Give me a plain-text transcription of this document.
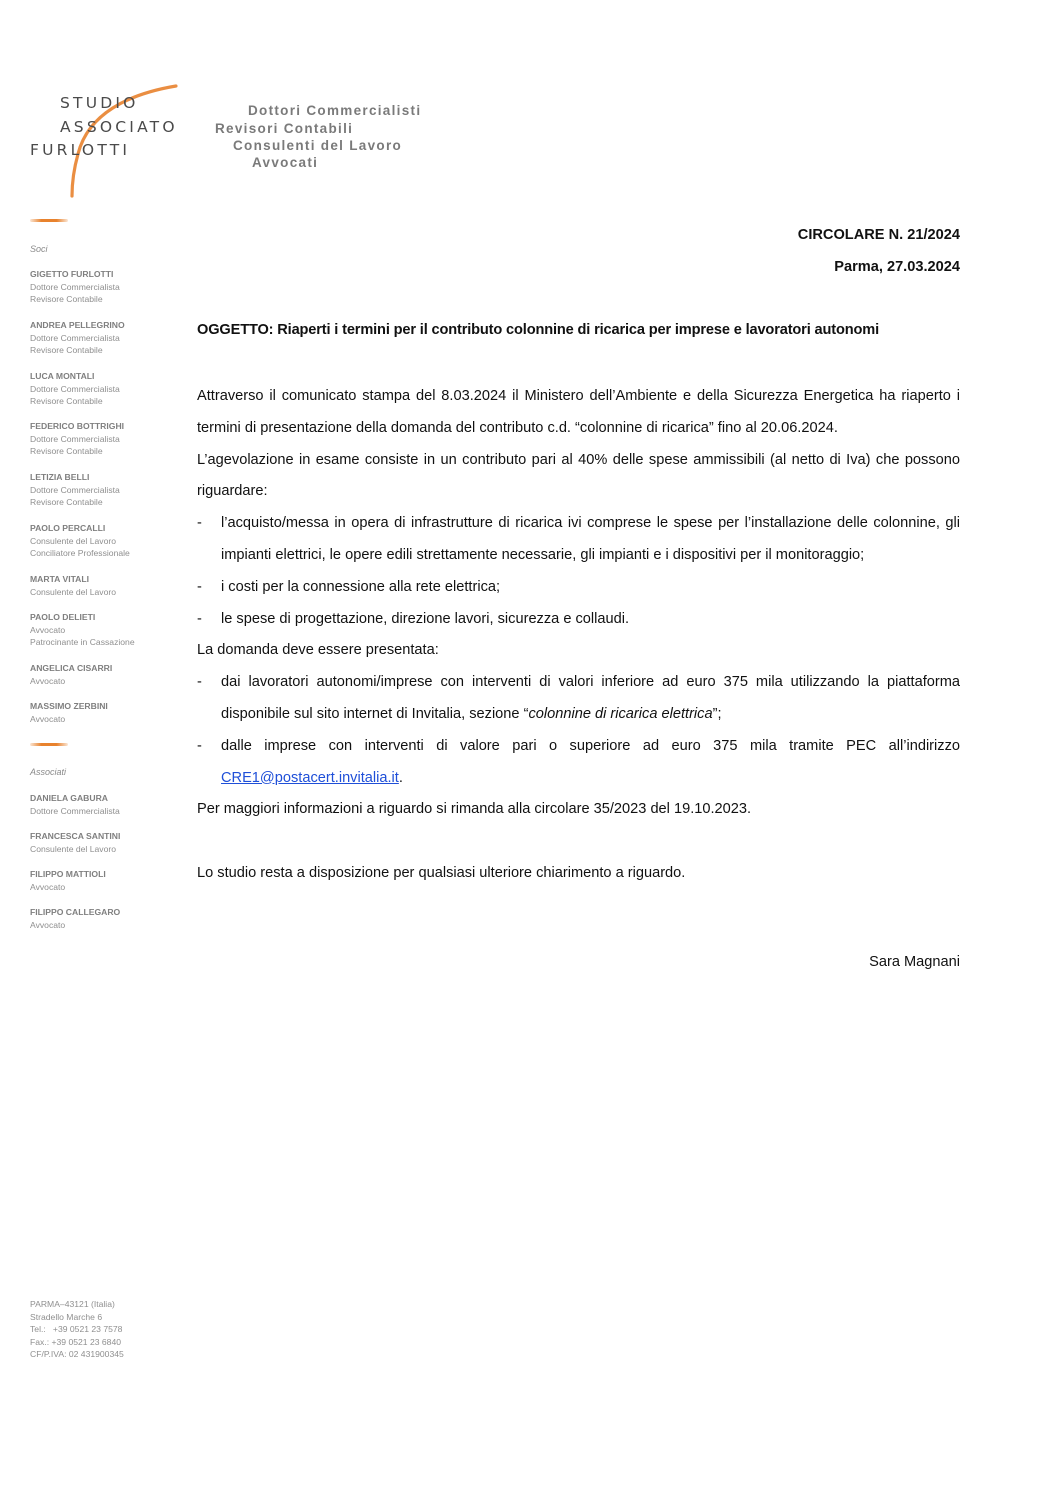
STUDIO
ASSOCIATO
FURLOTTI
Dottori Commercialisti
Revisori Contabili
Consulenti del Lavoro
Avvocati
Soci
GIGETTO FURLOTTI
Dottore Commercialista
Revisore Contabile
ANDREA PELLEGRINO
Dottore Commercialista
Revisore Contabile
LUCA MONTALI
Dottore Commercialista
Revisore Contabile
FEDERICO BOTTRIGHI
Dottore Commercialista
Revisore Contabile
LETIZIA BELLI
Dottore Commercialista
Revisore Contabile
PAOLO PERCALLI
Consulente del Lavoro
Conciliatore Professionale
MARTA VITALI
Consulente del Lavoro
PAOLO DELIETI
Avvocato
Patrocinante in Cassazione
ANGELICA CISARRI
Avvocato
MASSIMO ZERBINI
Avvocato
Associati
DANIELA GABURA
Dottore Commercialista
FRANCESCA SANTINI
Consulente del Lavoro
FILIPPO MATTIOLI
Avvocato
FILIPPO CALLEGARO
Avvocato
PARMA–43121 (Italia)
Stradello Marche 6
Tel.:   +39 0521 23 7578
Fax.: +39 0521 23 6840
CF/P.IVA: 02 431900345
CIRCOLARE N. 21/2024
Parma, 27.03.2024
OGGETTO: Riaperti i termini per il contributo colonnine di ricarica per imprese e lavoratori autonomi

Attraverso il comunicato stampa del 8.03.2024 il Ministero dell’Ambiente e della Sicurezza Energetica ha riaperto i termini di presentazione della domanda del contributo c.d. “colonnine di ricarica” fino al 20.06.2024.

L’agevolazione in esame consiste in un contributo pari al 40% delle spese ammissibili (al netto di Iva) che possono riguardare:

- l’acquisto/messa in opera di infrastrutture di ricarica ivi comprese le spese per l’installazione delle colonnine, gli impianti elettrici, le opere edili strettamente necessarie, gli impianti e i dispositivi per il monitoraggio;
- i costi per la connessione alla rete elettrica;
- le spese di progettazione, direzione lavori, sicurezza e collaudi.

La domanda deve essere presentata:

- dai lavoratori autonomi/imprese con interventi di valori inferiore ad euro 375 mila utilizzando la piattaforma disponibile sul sito internet di Invitalia, sezione “colonnine di ricarica elettrica”;
- dalle imprese con interventi di valore pari o superiore ad euro 375 mila tramite PEC all’indirizzo CRE1@postacert.invitalia.it.

Per maggiori informazioni a riguardo si rimanda alla circolare 35/2023 del 19.10.2023.

Lo studio resta a disposizione per qualsiasi ulteriore chiarimento a riguardo.

Sara Magnani
